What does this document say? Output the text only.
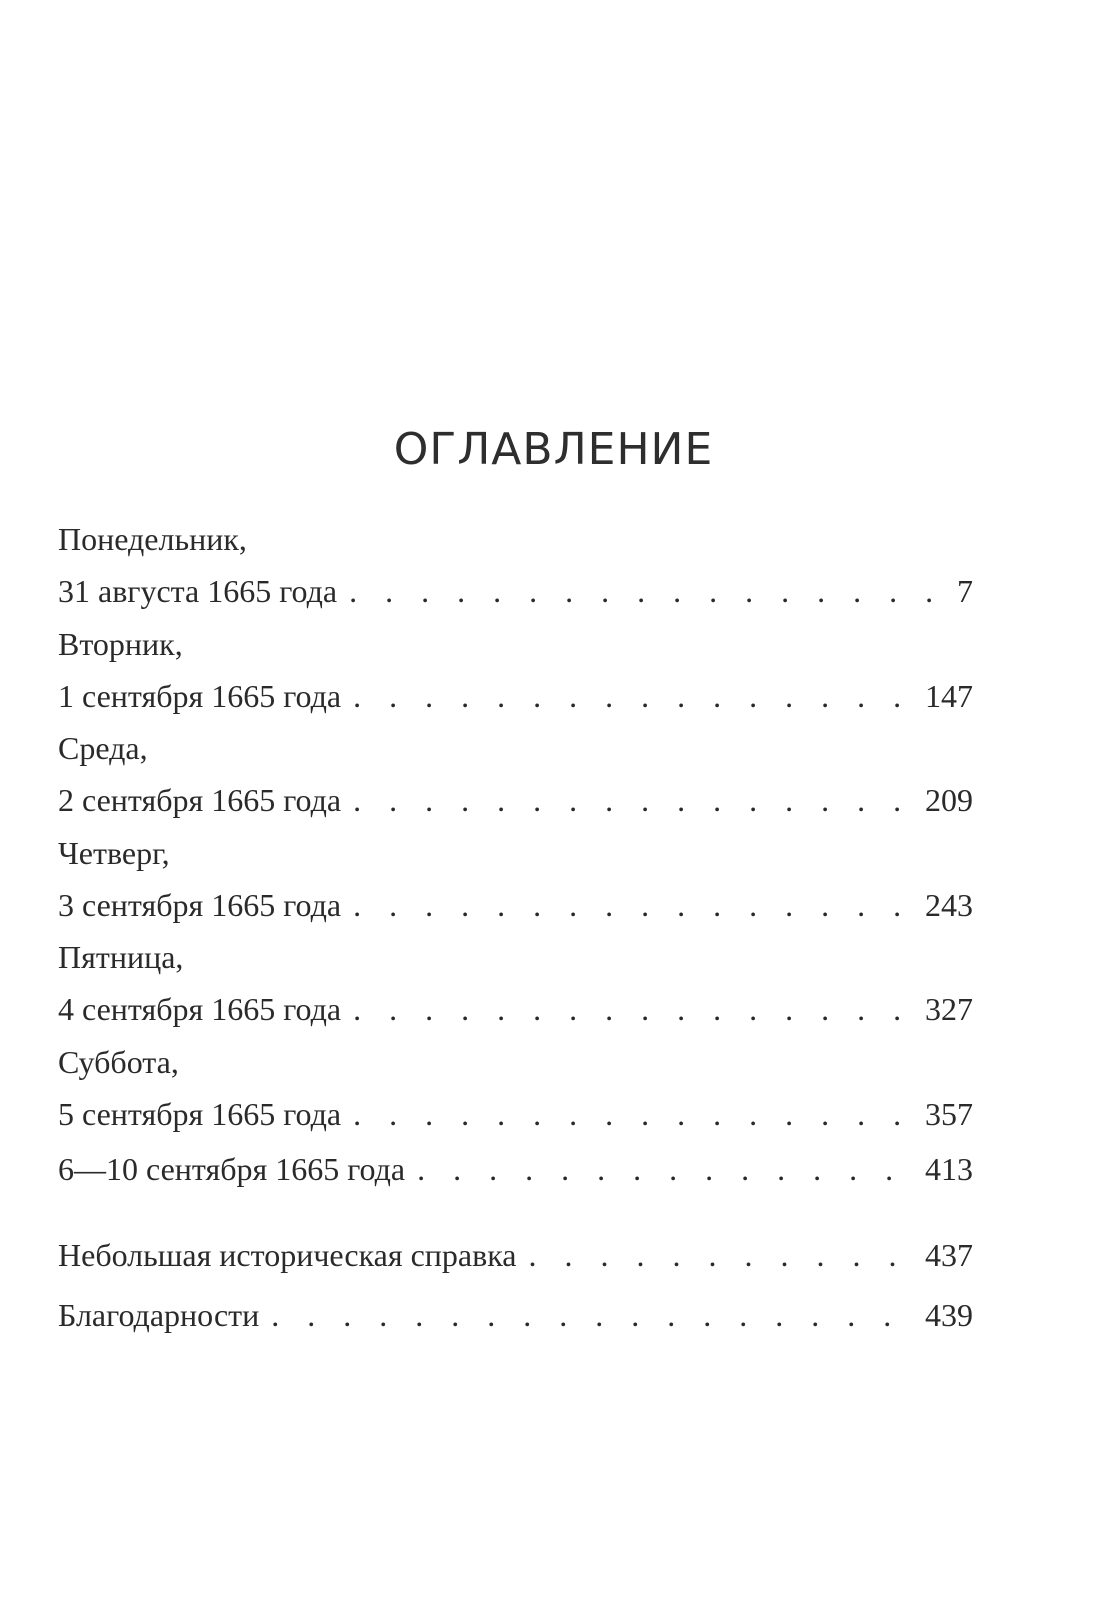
ОГЛАВЛЕНИЕ
Понедельник,
31 августа 1665 года . . .	7
Вторник,
1 сентября 1665 года . . .	147
Среда,
2 сентября 1665 года . . .	209
Четверг,
3 сентября 1665 года . . .	243
Пятница,
4 сентября 1665 года . . .	327
Суббота,
5 сентября 1665 года . . .	357
6—10 сентября 1665 года . . .	413
Небольшая историческая справка . . .	437
Благодарности . . .	439
